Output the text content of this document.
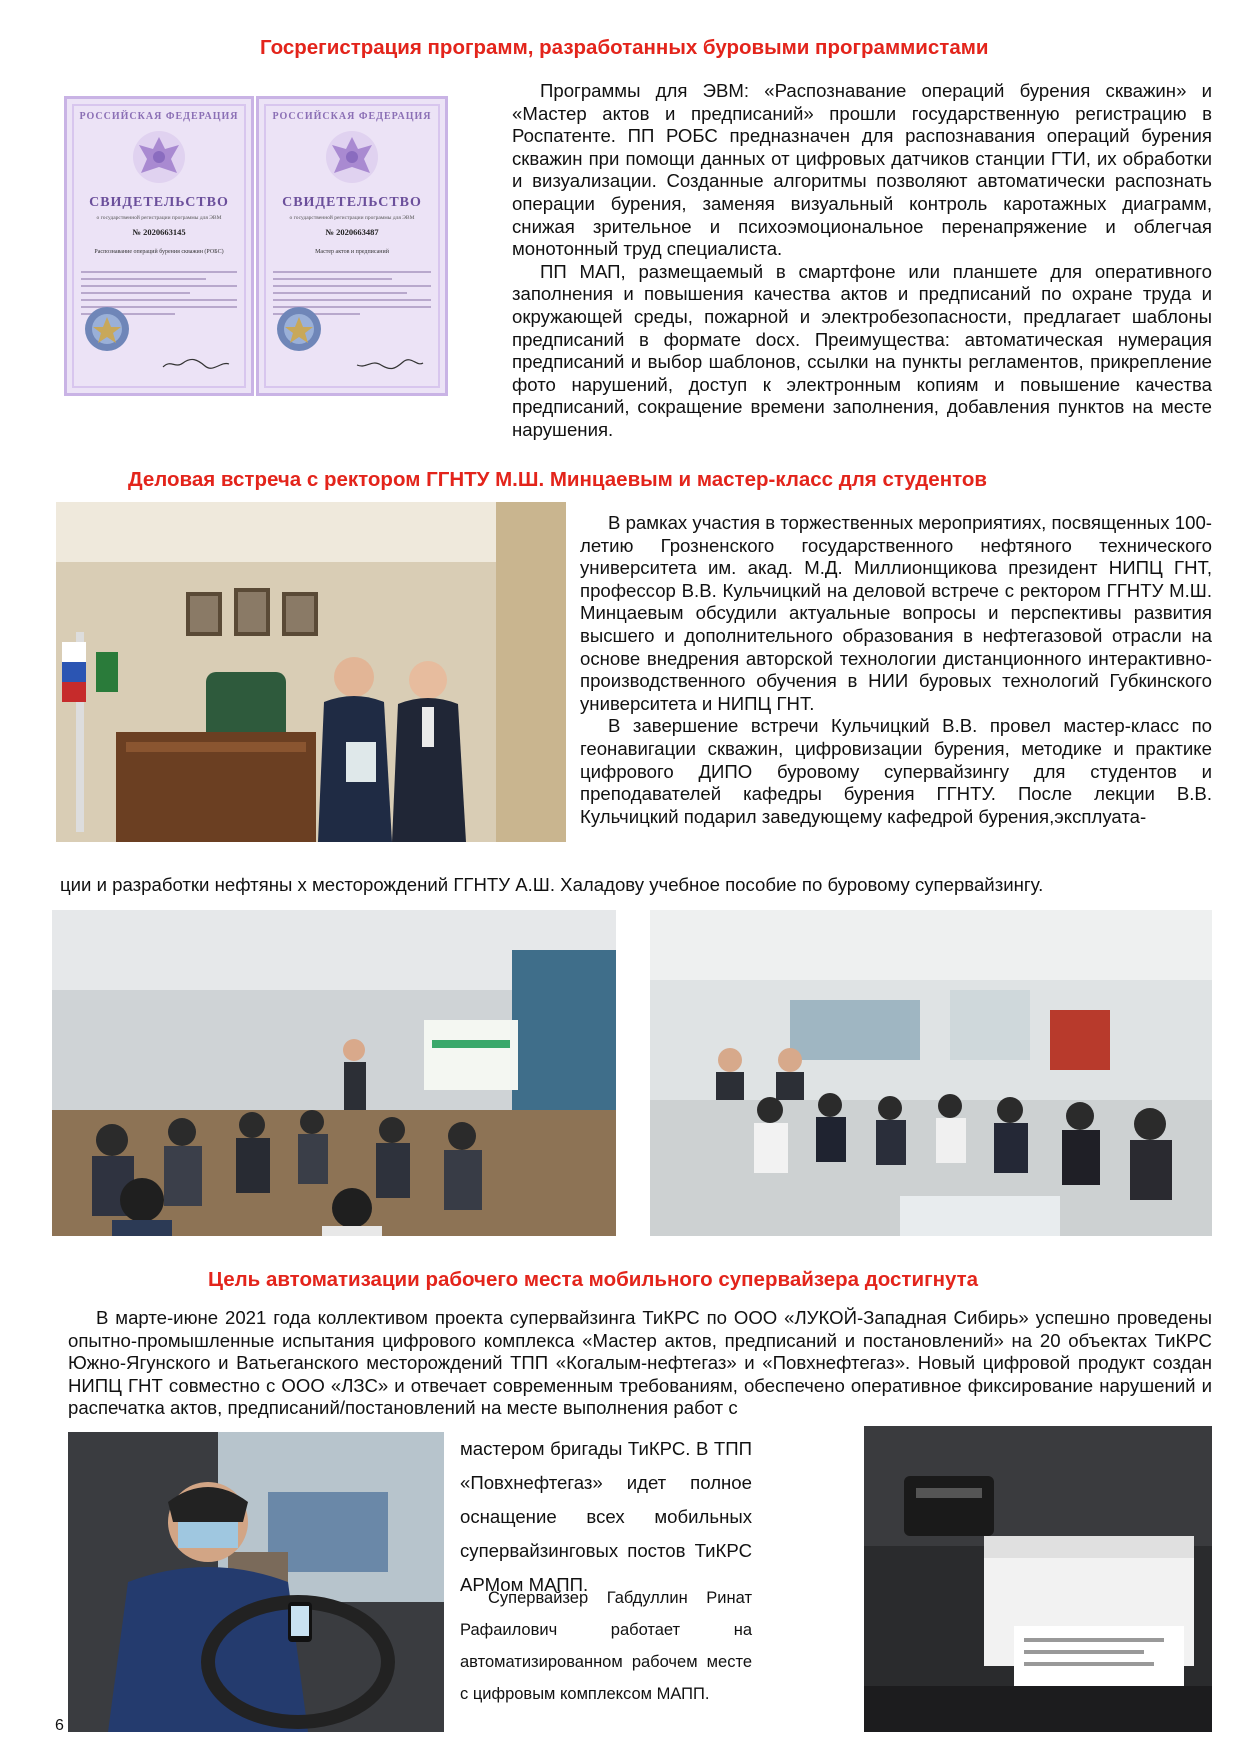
Госрегистрация программ, разработанных буровыми программистами
РОССИЙСКАЯ ФЕДЕРАЦИЯ
СВИДЕТЕЛЬСТВО
о государственной регистрации программы для ЭВМ
№ 2020663145
Распознавание операций бурения скважин (РОБС)
РОССИЙСКАЯ ФЕДЕРАЦИЯ
СВИДЕТЕЛЬСТВО
о государственной регистрации программы для ЭВМ
№ 2020663487
Мастер актов и предписаний

Программы для ЭВМ: «Распознавание операций бурения скважин» и «Мастер актов и предписаний» прошли государственную регистрацию в Роспатенте. ПП РОБС предназначен для распознавания операций бурения скважин при помощи данных от цифровых датчиков станции ГТИ, их обработки и визуализации. Созданные алгоритмы позволяют автоматически распознать операции бурения, заменяя визуальный контроль каротажных диаграмм, снижая зрительное и психоэмоциональное перенапряжение и облегчая монотонный труд специалиста.

ПП МАП, размещаемый в смартфоне или планшете для оперативного заполнения и повышения качества актов и предписаний по охране труда и окружающей среды, пожарной и электробезопасности, предлагает шаблоны предписаний в формате docx. Преимущества: автоматическая нумерация предписаний и выбор шаблонов, ссылки на пункты регламентов, прикрепление фото нарушений, доступ к электронным копиям и повышение качества предписаний, сокращение времени заполнения, добавления пунктов на месте нарушения.

Деловая встреча с ректором ГГНТУ М.Ш. Минцаевым и мастер-класс для студентов

В рамках участия в торжественных мероприятиях, посвященных 100-летию Грозненского государственного нефтяного технического университета им. акад. М.Д. Миллионщикова президент НИПЦ ГНТ, профессор В.В. Кульчицкий на деловой встрече с ректором ГГНТУ М.Ш. Минцаевым обсудили актуальные вопросы и перспективы развития высшего и дополнительного образования в нефтегазовой отрасли на основе внедрения авторской технологии дистанционного интерактивно-производственного обучения в НИИ буровых технологий Губкинского университета и НИПЦ ГНТ.

В завершение встречи Кульчицкий В.В. провел мастер-класс по геонавигации скважин, цифровизации бурения, методике и практике цифрового ДИПО буровому супервайзингу для студентов и преподавателей кафедры бурения ГГНТУ. После лекции В.В. Кульчицкий подарил заведующему кафедрой бурения,эксплуата-

ции и разработки нефтяны х месторождений ГГНТУ А.Ш. Халадову учебное пособие по буровому супервайзингу.

Цель автоматизации рабочего места мобильного супервайзера достигнута

В марте-июне 2021 года коллективом проекта супервайзинга ТиКРС по ООО «ЛУКОЙ-Западная Сибирь» успешно проведены опытно-промышленные испытания цифрового комплекса «Мастер актов, предписаний и постановлений» на 20 объектах ТиКРС Южно-Ягунского и Ватьеганского месторождений ТПП «Когалым-нефтегаз» и «Повхнефтегаз». Новый цифровой продукт создан НИПЦ ГНТ совместно с ООО «ЛЗС» и отвечает современным требованиям, обеспечено оперативное фиксирование нарушений и распечатка актов, предписаний/постановлений на месте выполнения работ с

мастером бригады ТиКРС. В ТПП «Повхнефтегаз» идет полное оснащение всех мобильных супервайзинговых постов ТиКРС АРМом МАПП.

Супервайзер Габдуллин Ринат Рафаилович работает на автоматизированном рабочем месте с цифровым комплексом МАПП.

6
